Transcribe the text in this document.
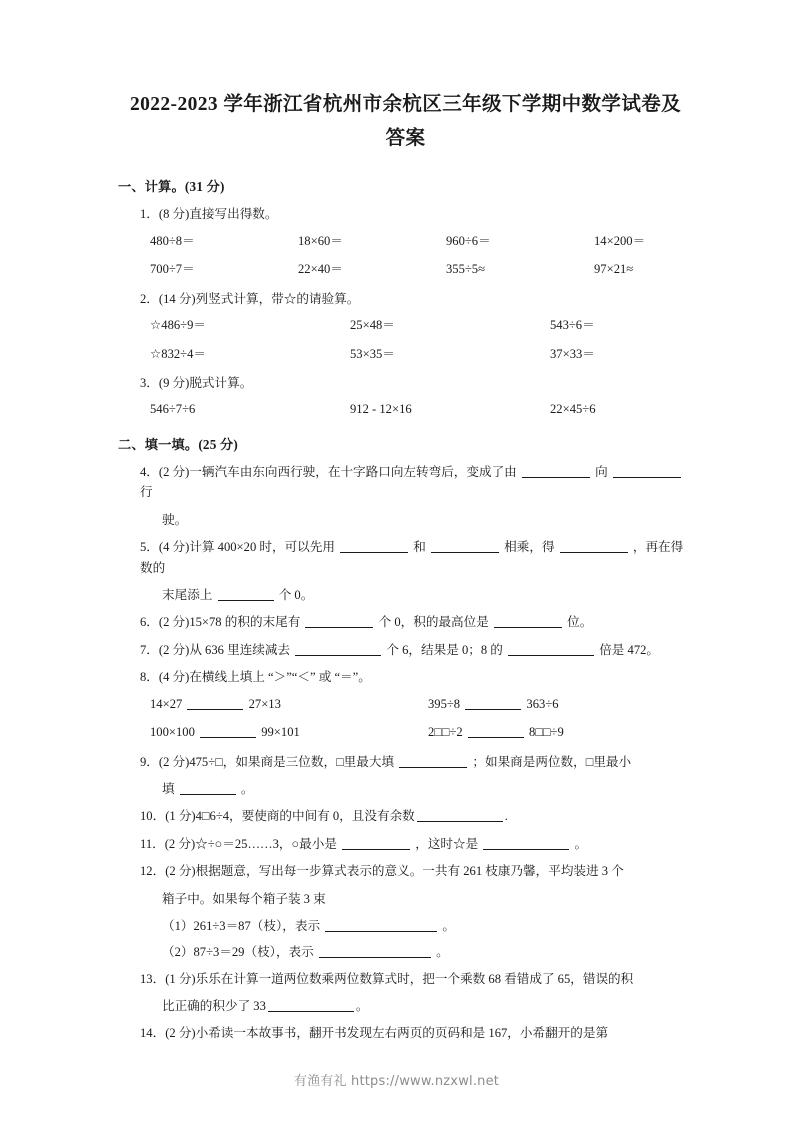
2022-2023 学年浙江省杭州市余杭区三年级下学期中数学试卷及答案
一、计算。(31 分)
1．(8 分)直接写出得数。
480÷8＝	18×60＝	960÷6＝	14×200＝
700÷7＝	22×40＝	355÷5≈	97×21≈
2．(14 分)列竖式计算，带☆的请验算。
☆486÷9＝	25×48＝	543÷6＝
☆832÷4＝	53×35＝	37×33＝
3．(9 分)脱式计算。
546÷7÷6	912 - 12×16	22×45÷6
二、填一填。(25 分)
4．(2 分)一辆汽车由东向西行驶，在十字路口向左转弯后，变成了由	向  行
驶。
5．(4 分)计算 400×20 时，可以先用	和	相乘，得	，再在得数的
末尾添上	个 0。
6．(2 分)15×78 的积的末尾有	个 0，积的最高位是	位。
7．(2 分)从 636 里连续减去	个 6，结果是 0；8 的	倍是 472。
8．(4 分)在横线上填上 “＞”“＜” 或 “＝”。
14×27	27×13	395÷8	363÷6
100×100	99×101	2□□÷2	8□□÷9
9．(2 分)475÷□，如果商是三位数，□里最大填	；如果商是两位数，□里最小
填	。
10．(1 分)4□6÷4，要使商的中间有 0，且没有余数	.
11．(2 分)☆÷○＝25……3，○最小是	，这时☆是	。
12．(2 分)根据题意，写出每一步算式表示的意义。一共有 261 枝康乃馨，平均装进 3 个
箱子中。如果每个箱子装 3 束
（1）261÷3＝87（枝），表示	。
（2）87÷3＝29（枝），表示	。
13．(1 分)乐乐在计算一道两位数乘两位数算式时，把一个乘数 68 看错成了 65，错误的积
比正确的积少了 33	。
14．(2 分)小希读一本故事书，翻开书发现左右两页的页码和是 167，小希翻开的是第
有渔有礼 https://www.nzxwl.net
